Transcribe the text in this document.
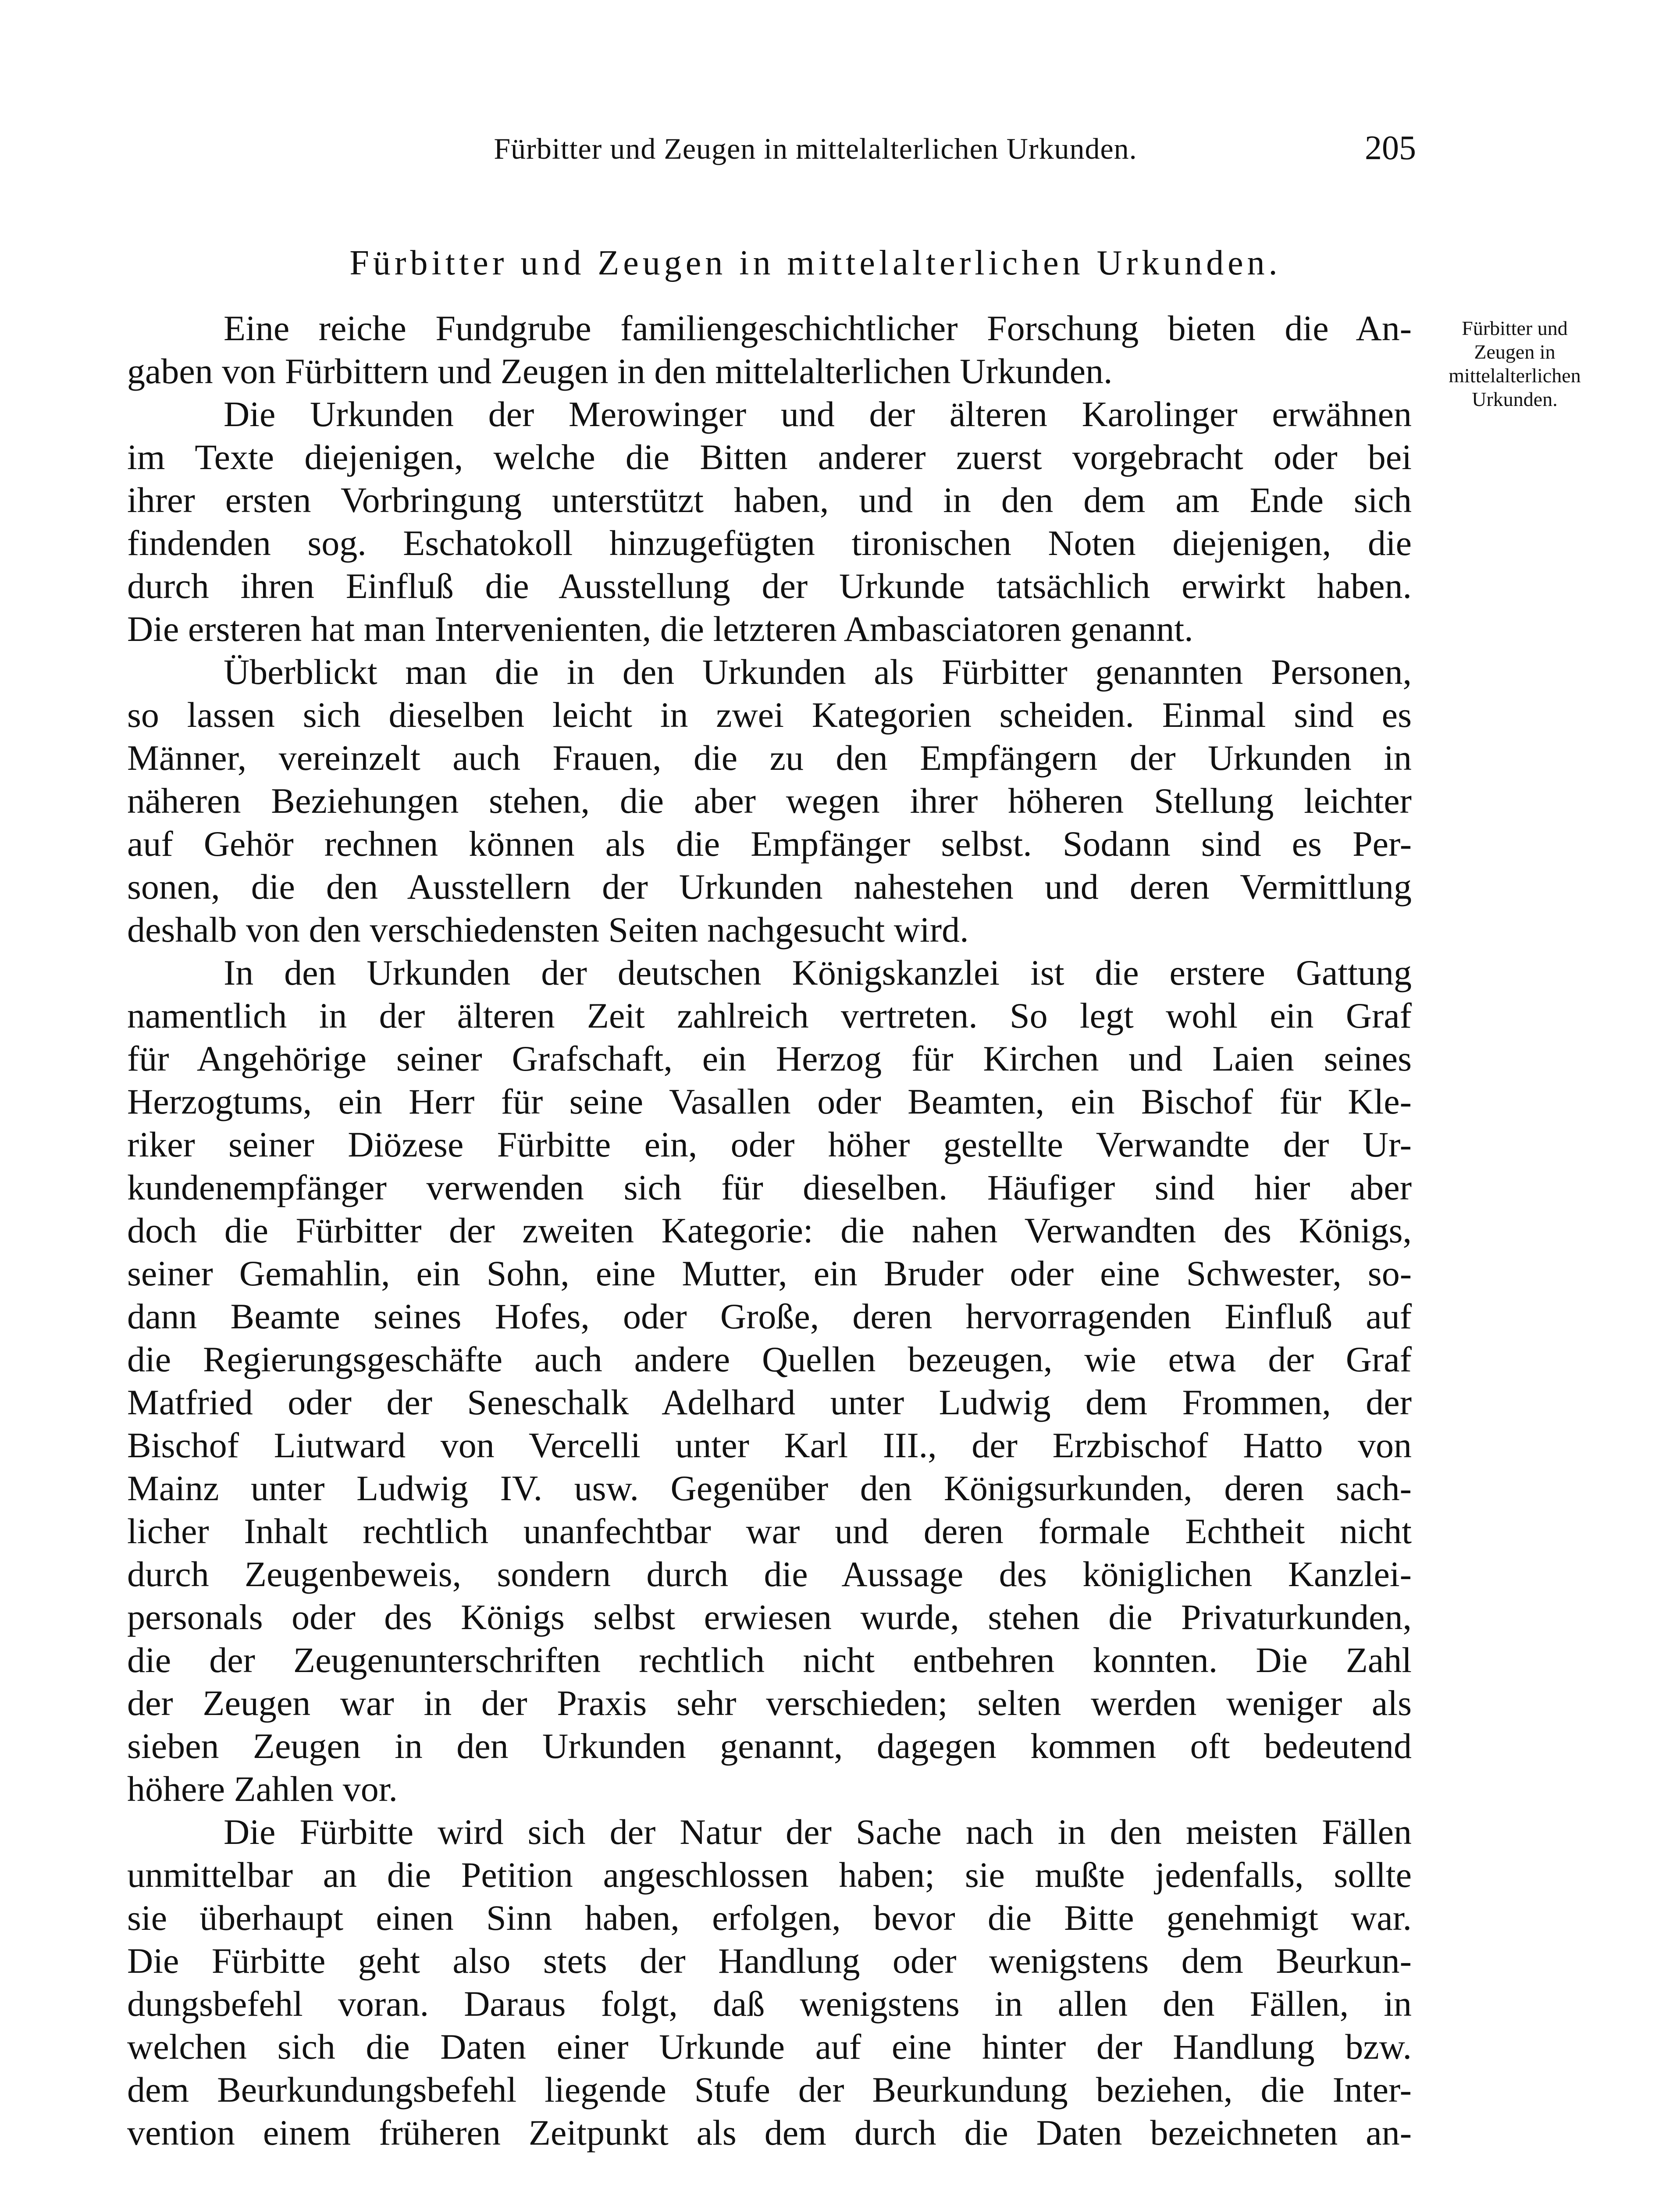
Fürbitter und Zeugen in mittelalterlichen Urkunden.	205
Fürbitter und Zeugen in mittelalterlichen Urkunden.
Fürbitter und
Zeugen in
mittelalterlichen
Urkunden.
Eine reiche Fundgrube familiengeschichtlicher Forschung bieten die An-
gaben von Fürbittern und Zeugen in den mittelalterlichen Urkunden.
Die Urkunden der Merowinger und der älteren Karolinger erwähnen
im Texte diejenigen, welche die Bitten anderer zuerst vorgebracht oder bei
ihrer ersten Vorbringung unterstützt haben, und in den dem am Ende sich
findenden sog. Eschatokoll hinzugefügten tironischen Noten diejenigen, die
durch ihren Einfluß die Ausstellung der Urkunde tatsächlich erwirkt haben.
Die ersteren hat man Intervenienten, die letzteren Ambasciatoren genannt.
Überblickt man die in den Urkunden als Fürbitter genannten Personen,
so lassen sich dieselben leicht in zwei Kategorien scheiden. Einmal sind es
Männer, vereinzelt auch Frauen, die zu den Empfängern der Urkunden in
näheren Beziehungen stehen, die aber wegen ihrer höheren Stellung leichter
auf Gehör rechnen können als die Empfänger selbst. Sodann sind es Per-
sonen, die den Ausstellern der Urkunden nahestehen und deren Vermittlung
deshalb von den verschiedensten Seiten nachgesucht wird.
In den Urkunden der deutschen Königskanzlei ist die erstere Gattung
namentlich in der älteren Zeit zahlreich vertreten. So legt wohl ein Graf
für Angehörige seiner Grafschaft, ein Herzog für Kirchen und Laien seines
Herzogtums, ein Herr für seine Vasallen oder Beamten, ein Bischof für Kle-
riker seiner Diözese Fürbitte ein, oder höher gestellte Verwandte der Ur-
kundenempfänger verwenden sich für dieselben. Häufiger sind hier aber
doch die Fürbitter der zweiten Kategorie: die nahen Verwandten des Königs,
seiner Gemahlin, ein Sohn, eine Mutter, ein Bruder oder eine Schwester, so-
dann Beamte seines Hofes, oder Große, deren hervorragenden Einfluß auf
die Regierungsgeschäfte auch andere Quellen bezeugen, wie etwa der Graf
Matfried oder der Seneschalk Adelhard unter Ludwig dem Frommen, der
Bischof Liutward von Vercelli unter Karl III., der Erzbischof Hatto von
Mainz unter Ludwig IV. usw. Gegenüber den Königsurkunden, deren sach-
licher Inhalt rechtlich unanfechtbar war und deren formale Echtheit nicht
durch Zeugenbeweis, sondern durch die Aussage des königlichen Kanzlei-
personals oder des Königs selbst erwiesen wurde, stehen die Privaturkunden,
die der Zeugenunterschriften rechtlich nicht entbehren konnten. Die Zahl
der Zeugen war in der Praxis sehr verschieden; selten werden weniger als
sieben Zeugen in den Urkunden genannt, dagegen kommen oft bedeutend
höhere Zahlen vor.
Die Fürbitte wird sich der Natur der Sache nach in den meisten Fällen
unmittelbar an die Petition angeschlossen haben; sie mußte jedenfalls, sollte
sie überhaupt einen Sinn haben, erfolgen, bevor die Bitte genehmigt war.
Die Fürbitte geht also stets der Handlung oder wenigstens dem Beurkun-
dungsbefehl voran. Daraus folgt, daß wenigstens in allen den Fällen, in
welchen sich die Daten einer Urkunde auf eine hinter der Handlung bzw.
dem Beurkundungsbefehl liegende Stufe der Beurkundung beziehen, die Inter-
vention einem früheren Zeitpunkt als dem durch die Daten bezeichneten an-
